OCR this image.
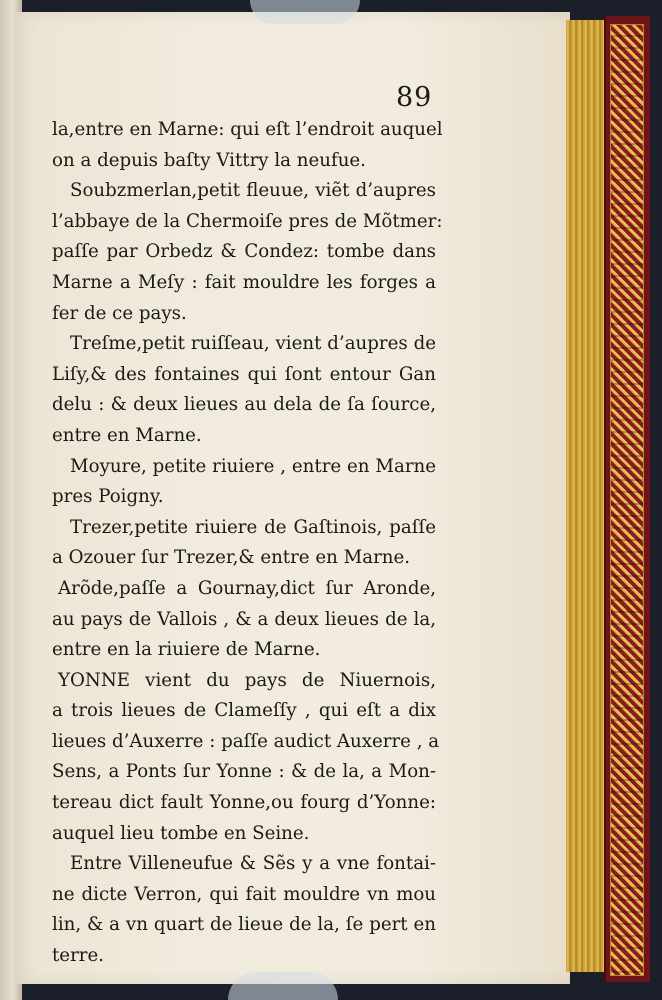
89
la,entre en Marne: qui eſt l’endroit auquel
on a depuis baſty Vittry la neufue.
Soubzmerlan,petit fleuue, viẽt d’aupres
l’abbaye de la Chermoiſe pres de Mõtmer:
paſſe par Orbedz & Condez: tombe dans
Marne a Meſy : fait mouldre les forges a
fer de ce pays.
Treſme,petit ruiſſeau, vient d’aupres de
Liſy,& des fontaines qui ſont entour Gan
delu : & deux lieues au dela de ſa ſource,
entre en Marne.
Moyure, petite riuiere , entre en Marne
pres Poigny.
Trezer,petite riuiere de Gaſtinois, paſſe
a Ozouer ſur Trezer,& entre en Marne.
Arõde,paſſe a Gournay,dict ſur Aronde,
au pays de Vallois , & a deux lieues de la,
entre en la riuiere de Marne.
YONNE vient du pays de Niuernois,
a trois lieues de Clameſſy , qui eſt a dix
lieues d’Auxerre : paſſe audict Auxerre , a
Sens, a Ponts ſur Yonne : & de la, a Mon-
tereau dict fault Yonne,ou fourg d’Yonne:
auquel lieu tombe en Seine.
Entre Villeneufue & Sẽs y a vne fontai-
ne dicte Verron, qui fait mouldre vn mou
lin, & a vn quart de lieue de la, ſe pert en
terre.
